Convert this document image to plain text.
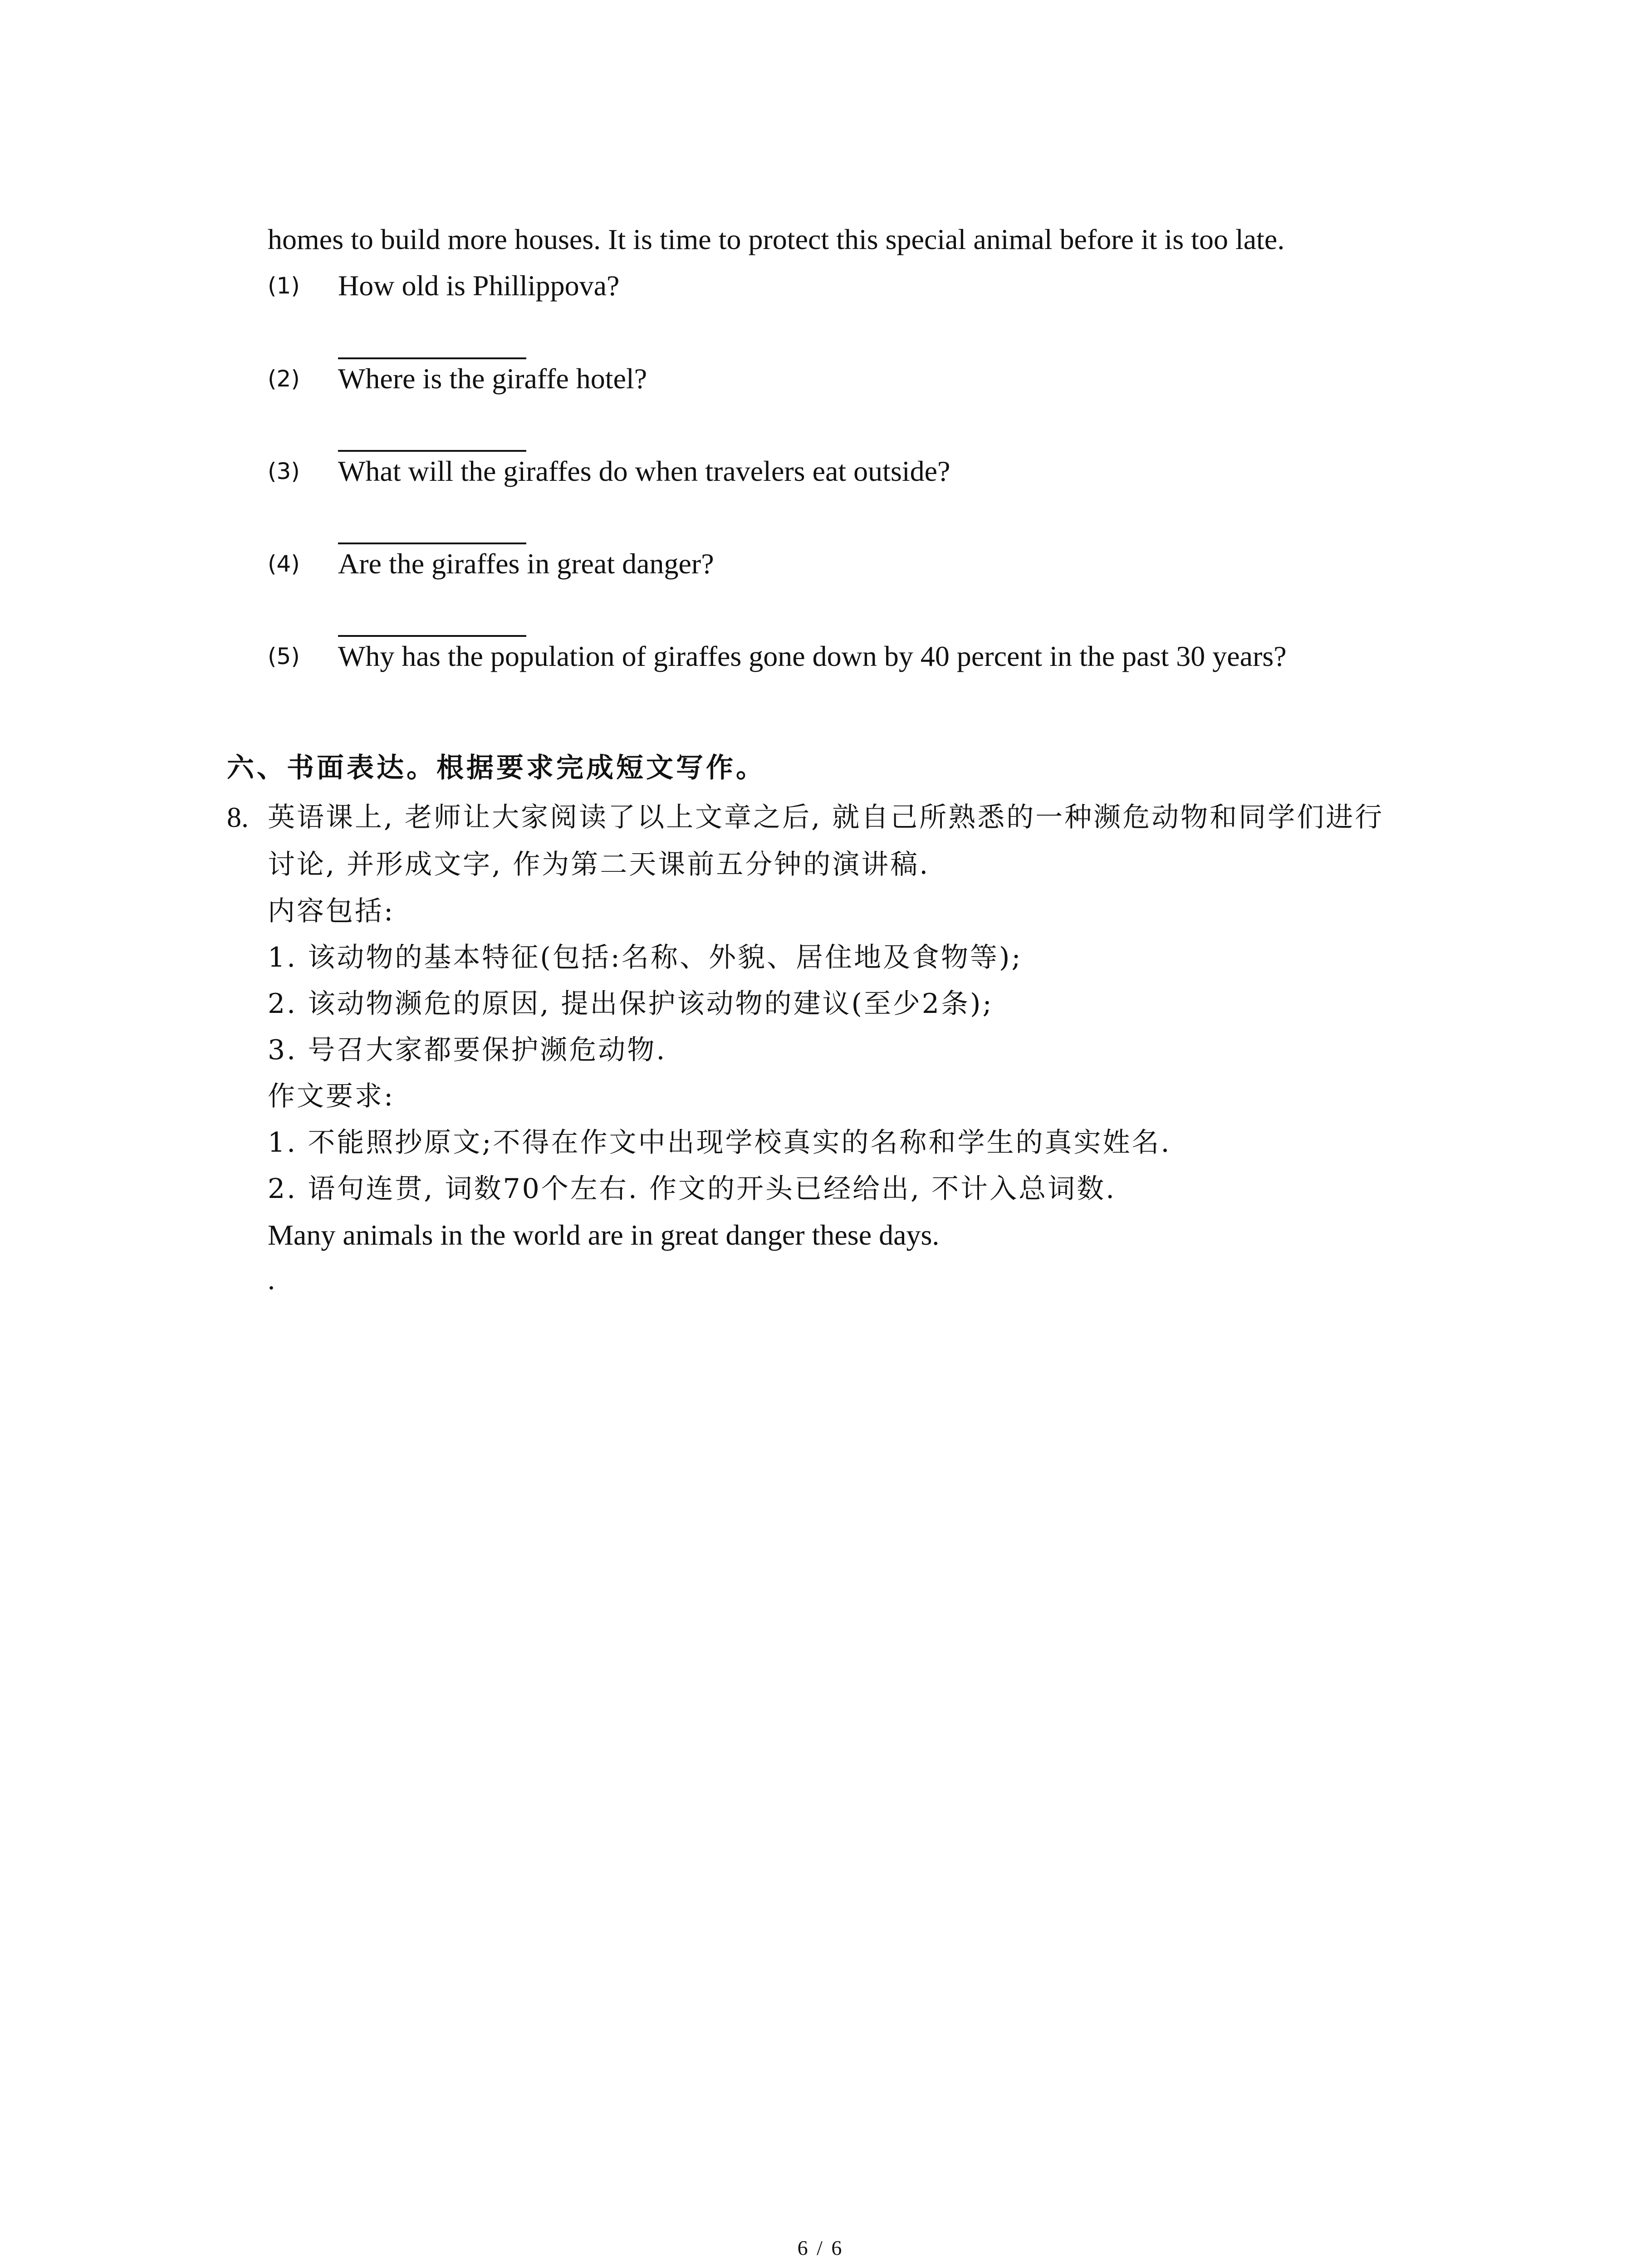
homes to build more houses. It is time to protect this special animal before it is too late.
(1) How old is Phillippova?
(2) Where is the giraffe hotel?
(3) What will the giraffes do when travelers eat outside?
(4) Are the giraffes in great danger?
(5) Why has the population of giraffes gone down by 40 percent in the past 30 years?
六、书面表达。根据要求完成短文写作。
8. 英语课上, 老师让大家阅读了以上文章之后, 就自己所熟悉的一种濒危动物和同学们进行
讨论, 并形成文字, 作为第二天课前五分钟的演讲稿.
内容包括:
1. 该动物的基本特征(包括:名称、外貌、居住地及食物等);
2. 该动物濒危的原因, 提出保护该动物的建议(至少2条);
3. 号召大家都要保护濒危动物.
作文要求:
1. 不能照抄原文;不得在作文中出现学校真实的名称和学生的真实姓名.
2. 语句连贯, 词数70个左右. 作文的开头已经给出, 不计入总词数.
Many animals in the world are in great danger these days.
.
6 / 6
